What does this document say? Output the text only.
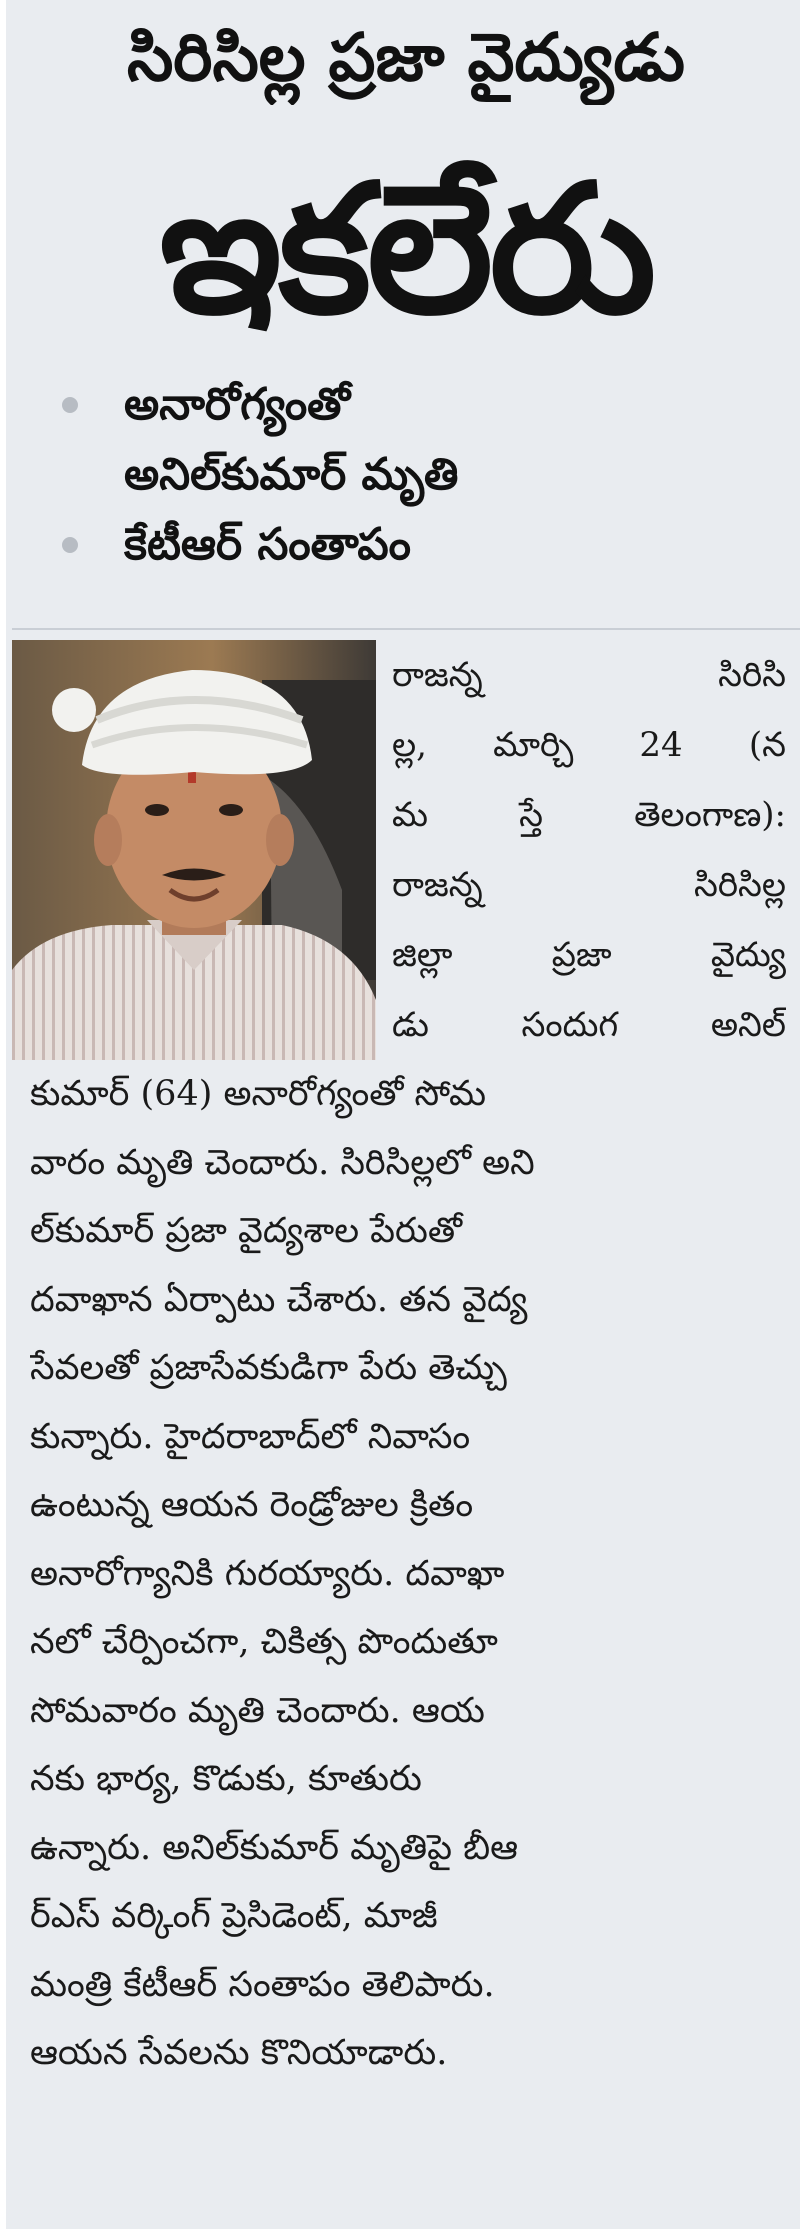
సిరిసిల్ల ప్రజా వైద్యుడు
ఇకలేరు
అనారోగ్యంతో
అనిల్‌కుమార్ మృతి
కేటీఆర్ సంతాపం
రాజన్న సిరిసి
ల్ల, మార్చి 24 (న
మ స్తే తెలంగాణ):
రాజన్న సిరిసిల్ల
జిల్లా ప్రజా వైద్యు
డు సందుగ అనిల్
కుమార్ (64) అనారోగ్యంతో సోమ
వారం మృతి చెందారు. సిరిసిల్లలో అని
ల్‌కుమార్ ప్రజా వైద్యశాల పేరుతో
దవాఖాన ఏర్పాటు చేశారు. తన వైద్య
సేవలతో ప్రజాసేవకుడిగా పేరు తెచ్చు
కున్నారు. హైదరాబాద్‌లో నివాసం
ఉంటున్న ఆయన రెండ్రోజుల క్రితం
అనారోగ్యానికి గురయ్యారు. దవాఖా
నలో చేర్పించగా, చికిత్స పొందుతూ
సోమవారం మృతి చెందారు. ఆయ
నకు భార్య, కొడుకు, కూతురు
ఉన్నారు. అనిల్‌కుమార్ మృతిపై బీఆ
ర్‌ఎస్ వర్కింగ్ ప్రెసిడెంట్, మాజీ
మంత్రి కేటీఆర్ సంతాపం తెలిపారు.
ఆయన సేవలను కొనియాడారు.
